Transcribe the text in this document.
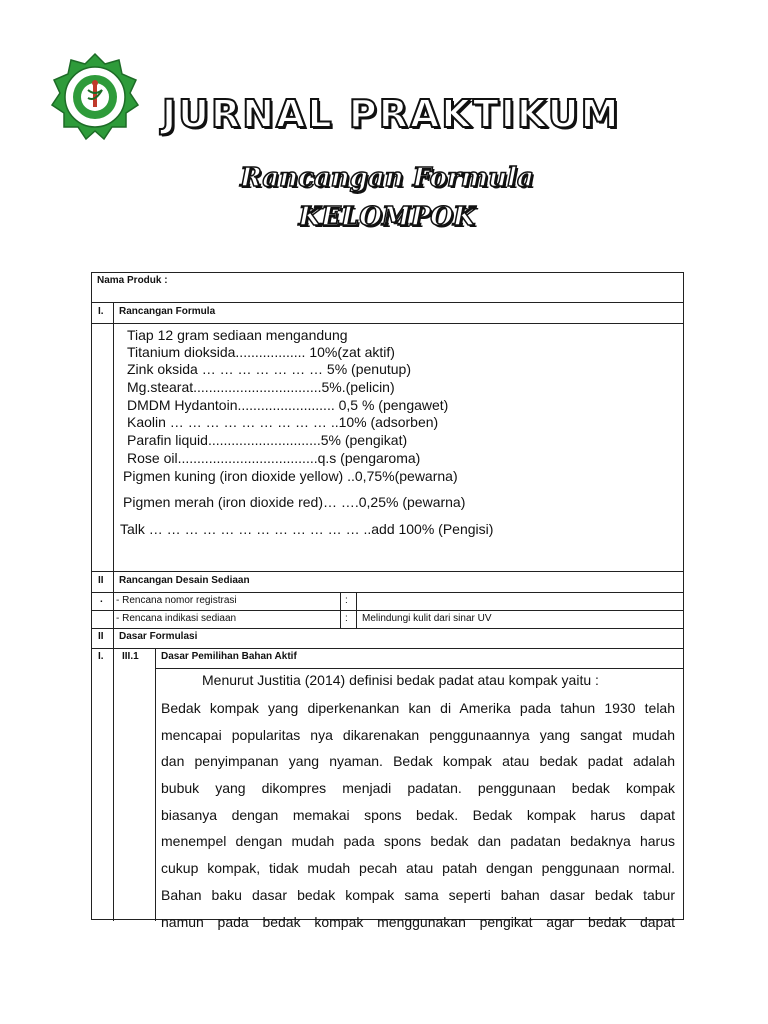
JURNAL PRAKTIKUM
Rancangan Formula
KELOMPOK
Nama Produk :
I. Rancangan Formula
Tiap 12 gram sediaan mengandung
Titanium dioksida.................. 10%(zat aktif)
Zink oksida … … … … … … … 5% (penutup)
Mg.stearat.................................5%.(pelicin)
DMDM Hydantoin......................... 0,5 % (pengawet)
Kaolin … … … … … … … … … ..10% (adsorben)
Parafin liquid.............................5% (pengikat)
Rose oil....................................q.s (pengaroma)
Pigmen kuning (iron dioxide yellow) ..0,75%(pewarna)
Pigmen merah (iron dioxide red)… ….0,25% (pewarna)
Talk … … … … … … … … … … … … ..add 100% (Pengisi)
II Rancangan Desain Sediaan
. - Rencana nomor registrasi	:
- Rencana indikasi sediaan	: Melindungi kulit dari sinar UV
II Dasar Formulasi
I. III.1 Dasar Pemilihan Bahan Aktif
Menurut Justitia (2014) definisi bedak padat atau kompak yaitu :
Bedak kompak yang diperkenankan kan di Amerika pada tahun 1930 telah
mencapai popularitas nya dikarenakan penggunaannya yang sangat mudah
dan penyimpanan yang nyaman. Bedak kompak atau bedak padat adalah
bubuk yang dikompres menjadi padatan. penggunaan bedak kompak
biasanya dengan memakai spons bedak. Bedak kompak harus dapat
menempel dengan mudah pada spons bedak dan padatan bedaknya harus
cukup kompak, tidak mudah pecah atau patah dengan penggunaan normal.
Bahan baku dasar bedak kompak sama seperti bahan dasar bedak tabur
namun pada bedak kompak menggunakan pengikat agar bedak dapat
